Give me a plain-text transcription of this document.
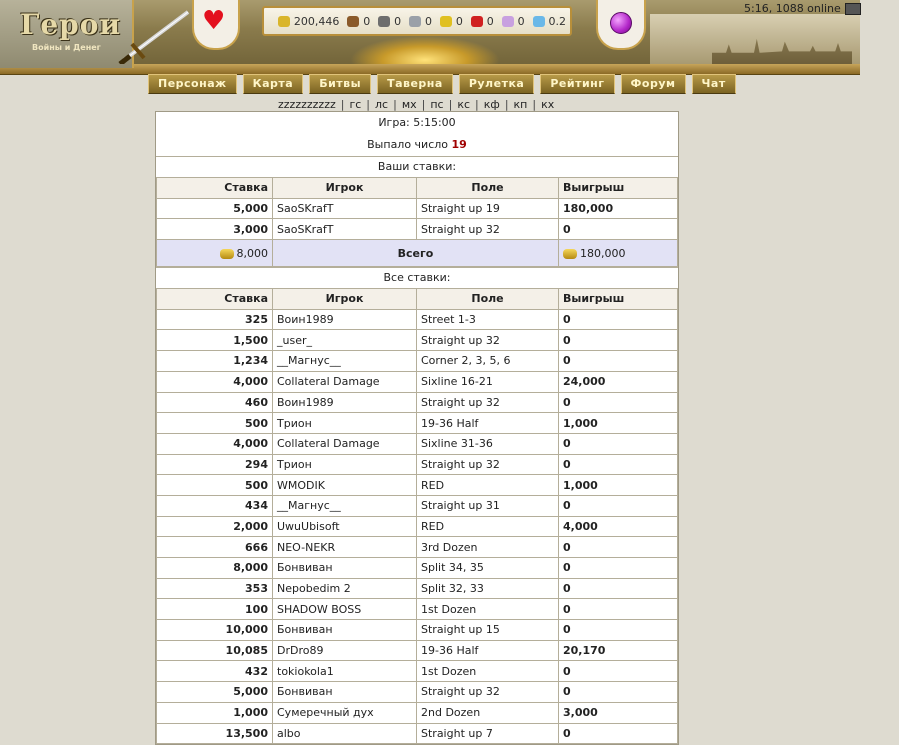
Герои
Войны и Денег
♥	200,446 0 0 0 0 0 0 0.2
5:16, 1088 online
Персонаж	Карта	Битвы	Таверна	Рулетка	Рейтинг	Форум	Чат
zzzzzzzzzz | гс | лс | мх | пс | кс | кф | кп | кх
Игра: 5:15:00
Выпало число 19
Ваши ставки:
Ставка	Игрок	Поле	Выигрыш
5,000	SaoSKrafT	Straight up 19	180,000
3,000	SaoSKrafT	Straight up 32	0
8,000	Всего		180,000
Все ставки:
Ставка	Игрок	Поле	Выигрыш
325	Воин1989	Street 1-3	0
1,500	_user_	Straight up 32	0
1,234	__Магнус__	Corner 2, 3, 5, 6	0
4,000	Collateral Damage	Sixline 16-21	24,000
460	Воин1989	Straight up 32	0
500	Трион	19-36 Half	1,000
4,000	Collateral Damage	Sixline 31-36	0
294	Трион	Straight up 32	0
500	WMODIK	RED	1,000
434	__Магнус__	Straight up 31	0
2,000	UwuUbisoft	RED	4,000
666	NEO-NEKR	3rd Dozen	0
8,000	Бонвиван	Split 34, 35	0
353	Nepobedim 2	Split 32, 33	0
100	SHADOW BOSS	1st Dozen	0
10,000	Бонвиван	Straight up 15	0
10,085	DrDro89	19-36 Half	20,170
432	tokiokola1	1st Dozen	0
5,000	Бонвиван	Straight up 32	0
1,000	Сумеречный дух	2nd Dozen	3,000
13,500	albo	Straight up 7	0
